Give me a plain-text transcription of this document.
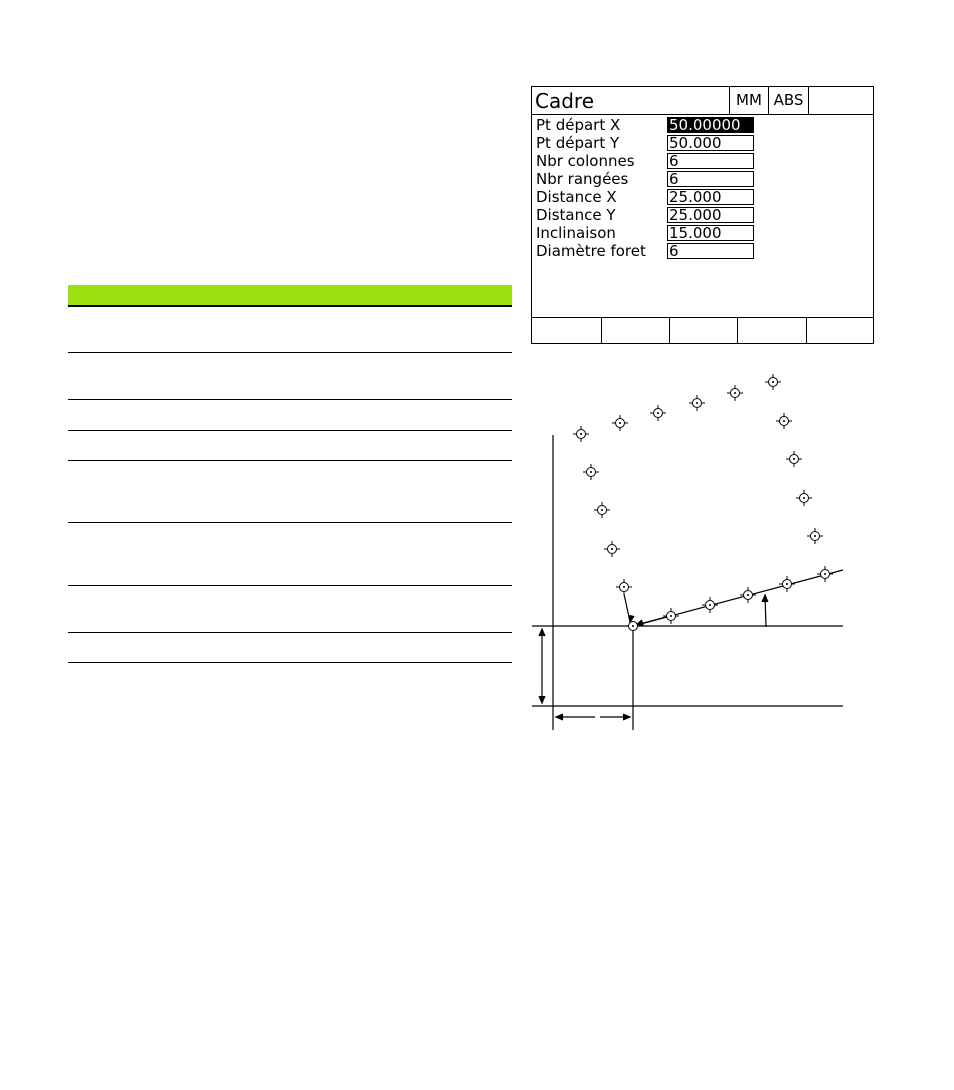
Cadre	MM ABS
Pt départ X	50.00000
Pt départ Y	50.000
Nbr colonnes 6
Nbr rangées	6
Distance X	25.000
Distance Y	25.000
Inclinaison	15.000
Diamètre foret 6
